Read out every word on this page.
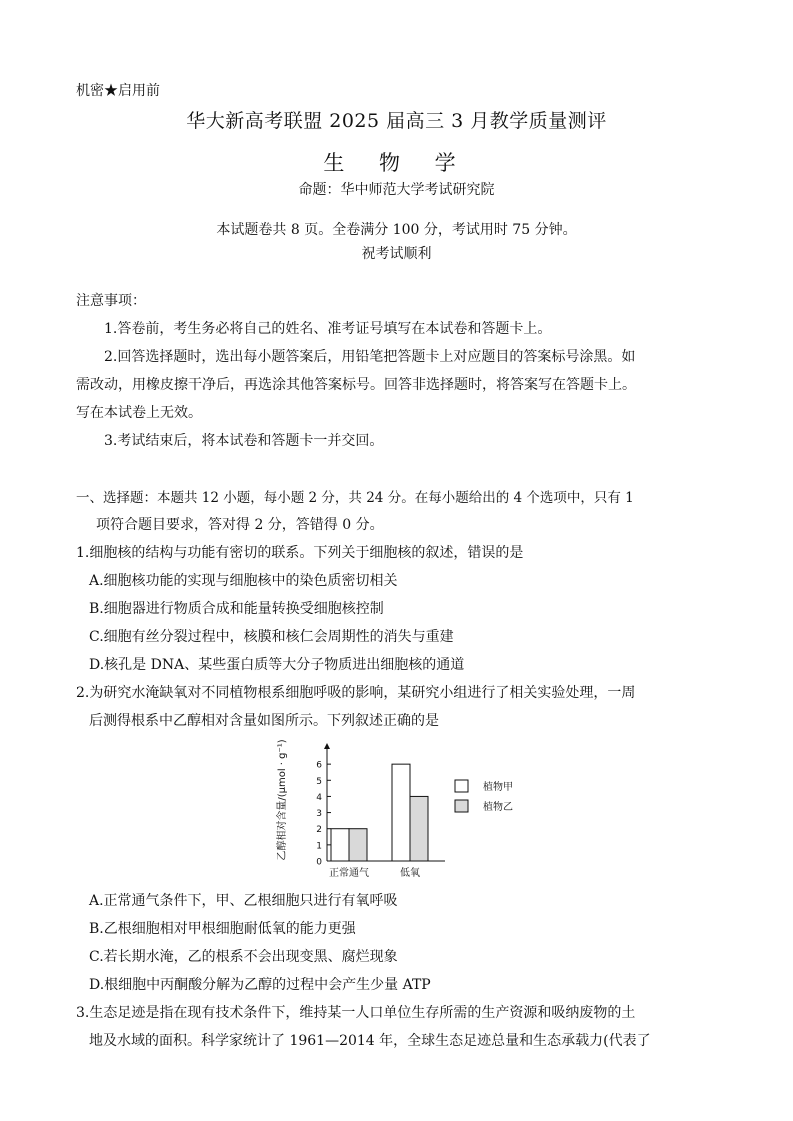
机密★启用前
华大新高考联盟 2025 届高三 3 月教学质量测评
生 物 学
命题：华中师范大学考试研究院
本试题卷共 8 页。全卷满分 100 分，考试用时 75 分钟。
祝考试顺利
注意事项：
1.答卷前，考生务必将自己的姓名、准考证号填写在本试卷和答题卡上。
2.回答选择题时，选出每小题答案后，用铅笔把答题卡上对应题目的答案标号涂黑。如
需改动，用橡皮擦干净后，再选涂其他答案标号。回答非选择题时，将答案写在答题卡上。
写在本试卷上无效。
3.考试结束后，将本试卷和答题卡一并交回。
一、选择题：本题共 12 小题，每小题 2 分，共 24 分。在每小题给出的 4 个选项中，只有 1
项符合题目要求，答对得 2 分，答错得 0 分。
1.细胞核的结构与功能有密切的联系。下列关于细胞核的叙述，错误的是
A.细胞核功能的实现与细胞核中的染色质密切相关
B.细胞器进行物质合成和能量转换受细胞核控制
C.细胞有丝分裂过程中，核膜和核仁会周期性的消失与重建
D.核孔是 DNA、某些蛋白质等大分子物质进出细胞核的通道
2.为研究水淹缺氧对不同植物根系细胞呼吸的影响，某研究小组进行了相关实验处理，一周
后测得根系中乙醇相对含量如图所示。下列叙述正确的是
0
1
2
3
4
5
6
正常通气	低氧
植物甲
植物乙
乙醇相对含量/(μmol · g⁻¹)
A.正常通气条件下，甲、乙根细胞只进行有氧呼吸
B.乙根细胞相对甲根细胞耐低氧的能力更强
C.若长期水淹，乙的根系不会出现变黑、腐烂现象
D.根细胞中丙酮酸分解为乙醇的过程中会产生少量 ATP
3.生态足迹是指在现有技术条件下，维持某一人口单位生存所需的生产资源和吸纳废物的土
地及水域的面积。科学家统计了 1961—2014 年，全球生态足迹总量和生态承载力(代表了
